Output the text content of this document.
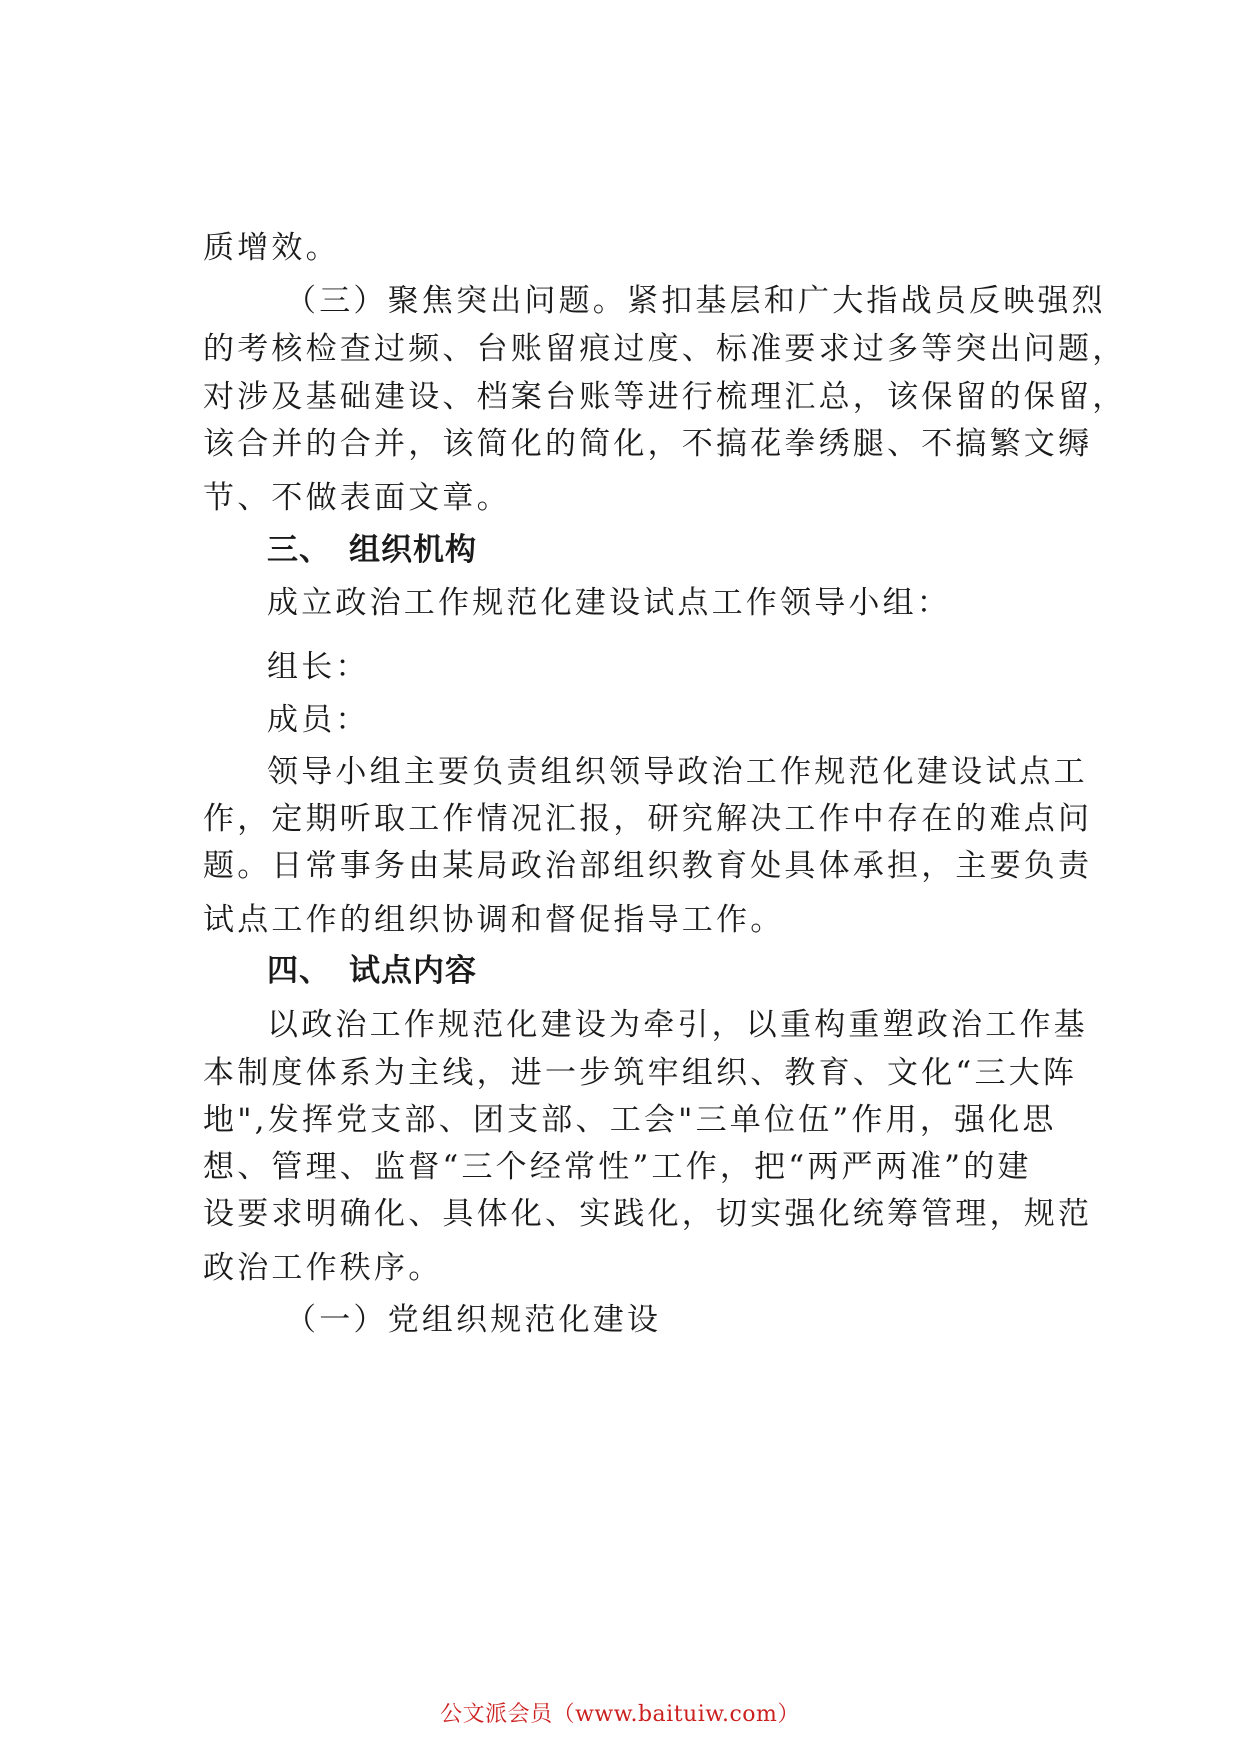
质增效。
（三）聚焦突出问题。紧扣基层和广大指战员反映强烈
的考核检查过频、台账留痕过度、标准要求过多等突出问题，
对涉及基础建设、档案台账等进行梳理汇总，该保留的保留，
该合并的合并，该简化的简化，不搞花拳绣腿、不搞繁文缛
节、不做表面文章。
三、 组织机构
成立政治工作规范化建设试点工作领导小组：
组长：
成员：
领导小组主要负责组织领导政治工作规范化建设试点工
作，定期听取工作情况汇报，研究解决工作中存在的难点问
题。日常事务由某局政治部组织教育处具体承担，主要负责
试点工作的组织协调和督促指导工作。
四、 试点内容
以政治工作规范化建设为牵引，以重构重塑政治工作基
本制度体系为主线，进一步筑牢组织、教育、文化“三大阵
地",发挥党支部、团支部、工会"三单位伍”作用，强化思
想、管理、监督“三个经常性”工作，把“两严两准”的建
设要求明确化、具体化、实践化，切实强化统筹管理，规范
政治工作秩序。
（一）党组织规范化建设
公文派会员（www.baituiw.com）
